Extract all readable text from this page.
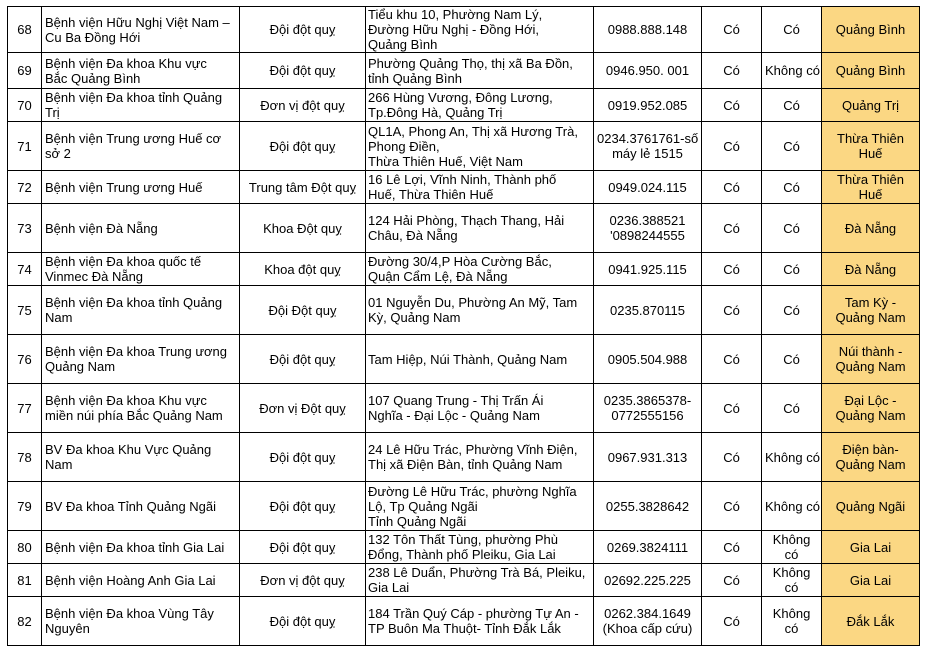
68	Bệnh viện Hữu Nghị Việt Nam –
Cu Ba Đồng Hới	Đội đột quỵ	Tiểu khu 10, Phường Nam Lý,
Đường Hữu Nghị - Đồng Hới,
Quảng Bình	0988.888.148	Có	Có	Quảng Bình

69	Bệnh viện Đa khoa Khu vực
Bắc Quảng Bình	Đội đột quỵ	Phường Quảng Thọ, thị xã Ba Đồn,
tỉnh Quảng Bình	0946.950. 001	Có	Không có	Quảng Bình

70	Bệnh viện Đa khoa tỉnh Quảng
Trị	Đơn vị đột quỵ	266 Hùng Vương, Đông Lương,
Tp.Đông Hà, Quảng Trị	0919.952.085	Có	Có	Quảng Trị

71	Bệnh viện Trung ương Huế cơ
sở 2	Đội đột quỵ	QL1A, Phong An, Thị xã Hương Trà,
Phong Điền,
Thừa Thiên Huế, Việt Nam	0234.3761761-số
máy lẻ 1515	Có	Có	Thừa Thiên
Huế

72	Bệnh viện Trung ương Huế	Trung tâm Đột quỵ	16 Lê Lợi, Vĩnh Ninh, Thành phố
Huế, Thừa Thiên Huế	0949.024.115	Có	Có	Thừa Thiên
Huế

73	Bệnh viện Đà Nẵng	Khoa Đột quỵ	124 Hải Phòng, Thạch Thang, Hải
Châu, Đà Nẵng	0236.388521
'0898244555	Có	Có	Đà Nẵng

74	Bệnh viện Đa khoa quốc tế
Vinmec Đà Nẵng	Khoa đột quỵ	Đường 30/4,P Hòa Cường Bắc,
Quận Cẩm Lệ, Đà Nẵng	0941.925.115	Có	Có	Đà Nẵng

75	Bệnh viện Đa khoa tỉnh Quảng
Nam	Đội Đột quỵ	01 Nguyễn Du, Phường An Mỹ, Tam
Kỳ, Quảng Nam	0235.870115	Có	Có	Tam Kỳ -
Quảng Nam

76	Bệnh viện Đa khoa Trung ương
Quảng Nam	Đội đột quỵ	Tam Hiệp, Núi Thành, Quảng Nam	0905.504.988	Có	Có	Núi thành -
Quảng Nam

77	Bệnh viện Đa khoa Khu vực
miền núi phía Bắc Quảng Nam	Đơn vị Đột quỵ	107 Quang Trung - Thị Trấn Ái
Nghĩa - Đại Lộc - Quảng Nam	0235.3865378-
0772555156	Có	Có	Đại Lộc -
Quảng Nam

78	BV Đa khoa Khu Vực Quảng
Nam	Đội đột quỵ	24 Lê Hữu Trác, Phường Vĩnh Điện,
Thị xã Điện Bàn, tỉnh Quảng Nam	0967.931.313	Có	Không có	Điện bàn-
Quảng Nam

79	BV Đa khoa Tỉnh Quảng Ngãi	Đội đột quỵ	Đường Lê Hữu Trác, phường Nghĩa
Lộ, Tp Quảng Ngãi
Tỉnh Quảng Ngãi	0255.3828642	Có	Không có	Quảng Ngãi

80	Bệnh viện Đa khoa tỉnh Gia Lai	Đội đột quỵ	132 Tôn Thất Tùng, phường Phù
Đổng, Thành phố Pleiku, Gia Lai	0269.3824111	Có	Không
có	Gia Lai

81	Bệnh viện Hoàng Anh Gia Lai	Đơn vị đột quỵ	238 Lê Duẩn, Phường Trà Bá, Pleiku,
Gia Lai	02692.225.225	Có	Không
có	Gia Lai

82	Bệnh viện Đa khoa Vùng Tây
Nguyên	Đội đột quỵ	184 Trần Quý Cáp - phường Tự An -
TP Buôn Ma Thuột- Tỉnh Đắk Lắk	0262.384.1649
(Khoa cấp cứu)	Có	Không
có	Đắk Lắk
